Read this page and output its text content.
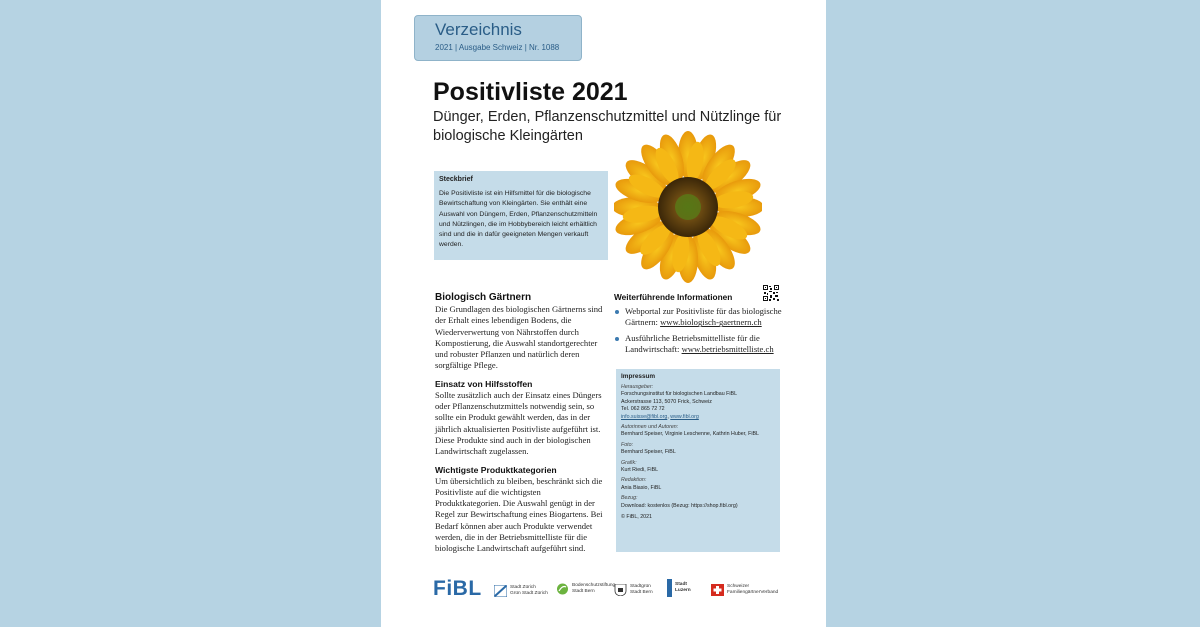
Verzeichnis
2021 | Ausgabe Schweiz | Nr. 1088
Positivliste 2021
Dünger, Erden, Pflanzenschutzmittel und Nützlinge für biologische Kleingärten
Steckbrief
Die Positivliste ist ein Hilfsmittel für die biologische Bewirtschaftung von Kleingärten. Sie enthält eine Auswahl von Düngern, Erden, Pflanzenschutzmitteln und Nützlingen, die im Hobbybereich leicht erhältlich sind und die in dafür geeigneten Mengen verkauft werden.
Biologisch Gärtnern

Die Grundlagen des biologischen Gärtnerns sind der Erhalt eines lebendigen Bodens, die Wiederverwertung von Nährstoffen durch Kompostierung, die Auswahl standortgerechter und robuster Pflanzen und natürlich deren sorgfältige Pflege.

Einsatz von Hilfsstoffen

Sollte zusätzlich auch der Einsatz eines Düngers oder Pflanzenschutzmittels notwendig sein, so sollte ein Produkt gewählt werden, das in der jährlich aktualisierten Positivliste aufgeführt ist. Diese Produkte sind auch in der biologischen Landwirtschaft zugelassen.

Wichtigste Produktkategorien

Um übersichtlich zu bleiben, beschränkt sich die Positivliste auf die wichtigsten Produktkategorien. Die Auswahl genügt in der Regel zur Bewirtschaftung eines Biogartens. Bei Bedarf können aber auch Produkte verwendet werden, die in der Betriebsmittelliste für die biologische Landwirtschaft aufgeführt sind.

Weiterführende Informationen
Webportal zur Positivliste für das biologische Gärtnern: www.biologisch-gaertnern.ch
Ausführliche Betriebsmittelliste für die Landwirtschaft: www.betriebsmittelliste.ch
Impressum
Herausgeber:
Forschungsinstitut für biologischen Landbau FiBL
Ackerstrasse 113, 5070 Frick, Schweiz
Tel. 062 865 72 72
info.suisse@fibl.org, www.fibl.org
Autorinnen und Autoren:
Bernhard Speiser, Virginie Leschenne, Kathrin Huber, FiBL
Foto:
Bernhard Speiser, FiBL
Grafik:
Kurt Riedi, FiBL
Redaktion:
Ania Biasio, FiBL
Bezug:
Download: kostenlos (Bezug: https://shop.fibl.org)
© FiBL, 2021
FiBL	Stadt Zürich
Grün Stadt Zürich
Bodenschutzstiftung
Stadt Bern
Stadtgrün
Stadt Bern
Stadt
Luzern
Schweizer
FamiliengärtnerVerband
